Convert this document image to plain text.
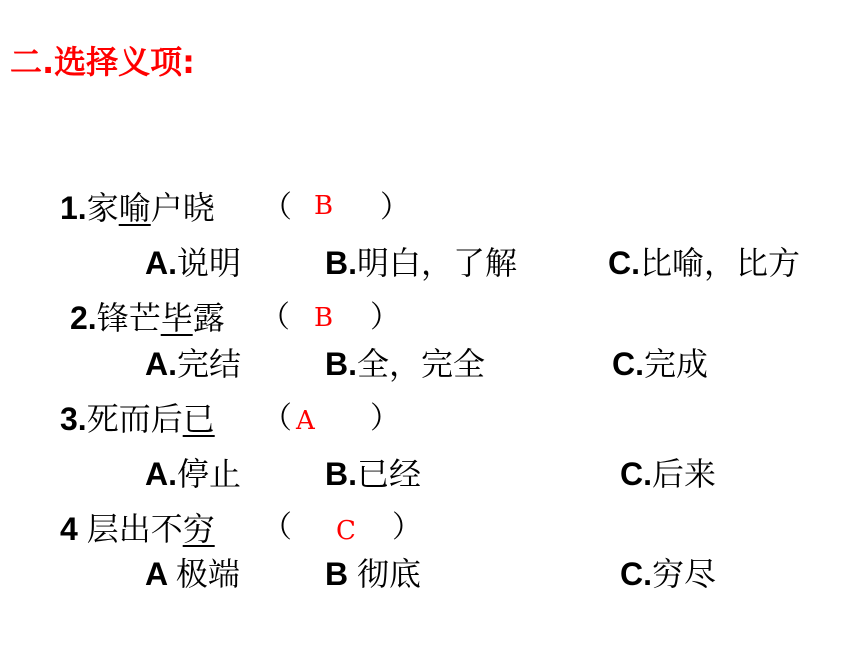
二.选择义项:
1.家喻户晓 （ B ）
A.说明	B.明白，了解	C.比喻，比方
2.锋芒毕露 （ B ）
A.完结	B.全，完全	C.完成
3.死而后已 （ A ）
A.停止	B.已经	C.后来
4 层出不穷 （ C ）
A 极端	B 彻底	C.穷尽
